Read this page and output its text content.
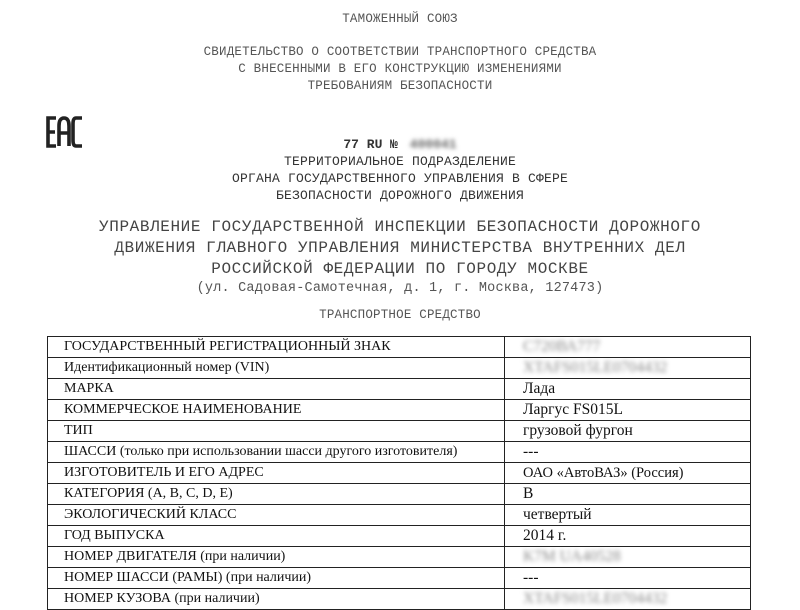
ТАМОЖЕННЫЙ СОЮЗ
СВИДЕТЕЛЬСТВО О СООТВЕТСТВИИ ТРАНСПОРТНОГО СРЕДСТВА
С ВНЕСЕННЫМИ В ЕГО КОНСТРУКЦИЮ ИЗМЕНЕНИЯМИ
ТРЕБОВАНИЯМ БЕЗОПАСНОСТИ
77 RU № 400041
ТЕРРИТОРИАЛЬНОЕ ПОДРАЗДЕЛЕНИЕ
ОРГАНА ГОСУДАРСТВЕННОГО УПРАВЛЕНИЯ В СФЕРЕ
БЕЗОПАСНОСТИ ДОРОЖНОГО ДВИЖЕНИЯ
УПРАВЛЕНИЕ ГОСУДАРСТВЕННОЙ ИНСПЕКЦИИ БЕЗОПАСНОСТИ ДОРОЖНОГО
ДВИЖЕНИЯ ГЛАВНОГО УПРАВЛЕНИЯ МИНИСТЕРСТВА ВНУТРЕННИХ ДЕЛ
РОССИЙСКОЙ ФЕДЕРАЦИИ ПО ГОРОДУ МОСКВЕ
(ул. Садовая-Самотечная, д. 1, г. Москва, 127473)
ТРАНСПОРТНОЕ СРЕДСТВО
ГОСУДАРСТВЕННЫЙ РЕГИСТРАЦИОННЫЙ ЗНАК	С720ВА777
Идентификационный номер (VIN)	XTAFS015LE0704432
МАРКА	Лада
КОММЕРЧЕСКОЕ НАИМЕНОВАНИЕ	Ларгус FS015L
ТИП	грузовой фургон
ШАССИ (только при использовании шасси другого изготовителя)	---
ИЗГОТОВИТЕЛЬ И ЕГО АДРЕС	ОАО «АвтоВАЗ» (Россия)
КАТЕГОРИЯ (A, B, C, D, E)	B
ЭКОЛОГИЧЕСКИЙ КЛАСС	четвертый
ГОД ВЫПУСКА	2014 г.
НОМЕР ДВИГАТЕЛЯ (при наличии)	K7M UA40528
НОМЕР ШАССИ (РАМЫ) (при наличии)	---
НОМЕР КУЗОВА (при наличии)	XTAFS015LE0704432
